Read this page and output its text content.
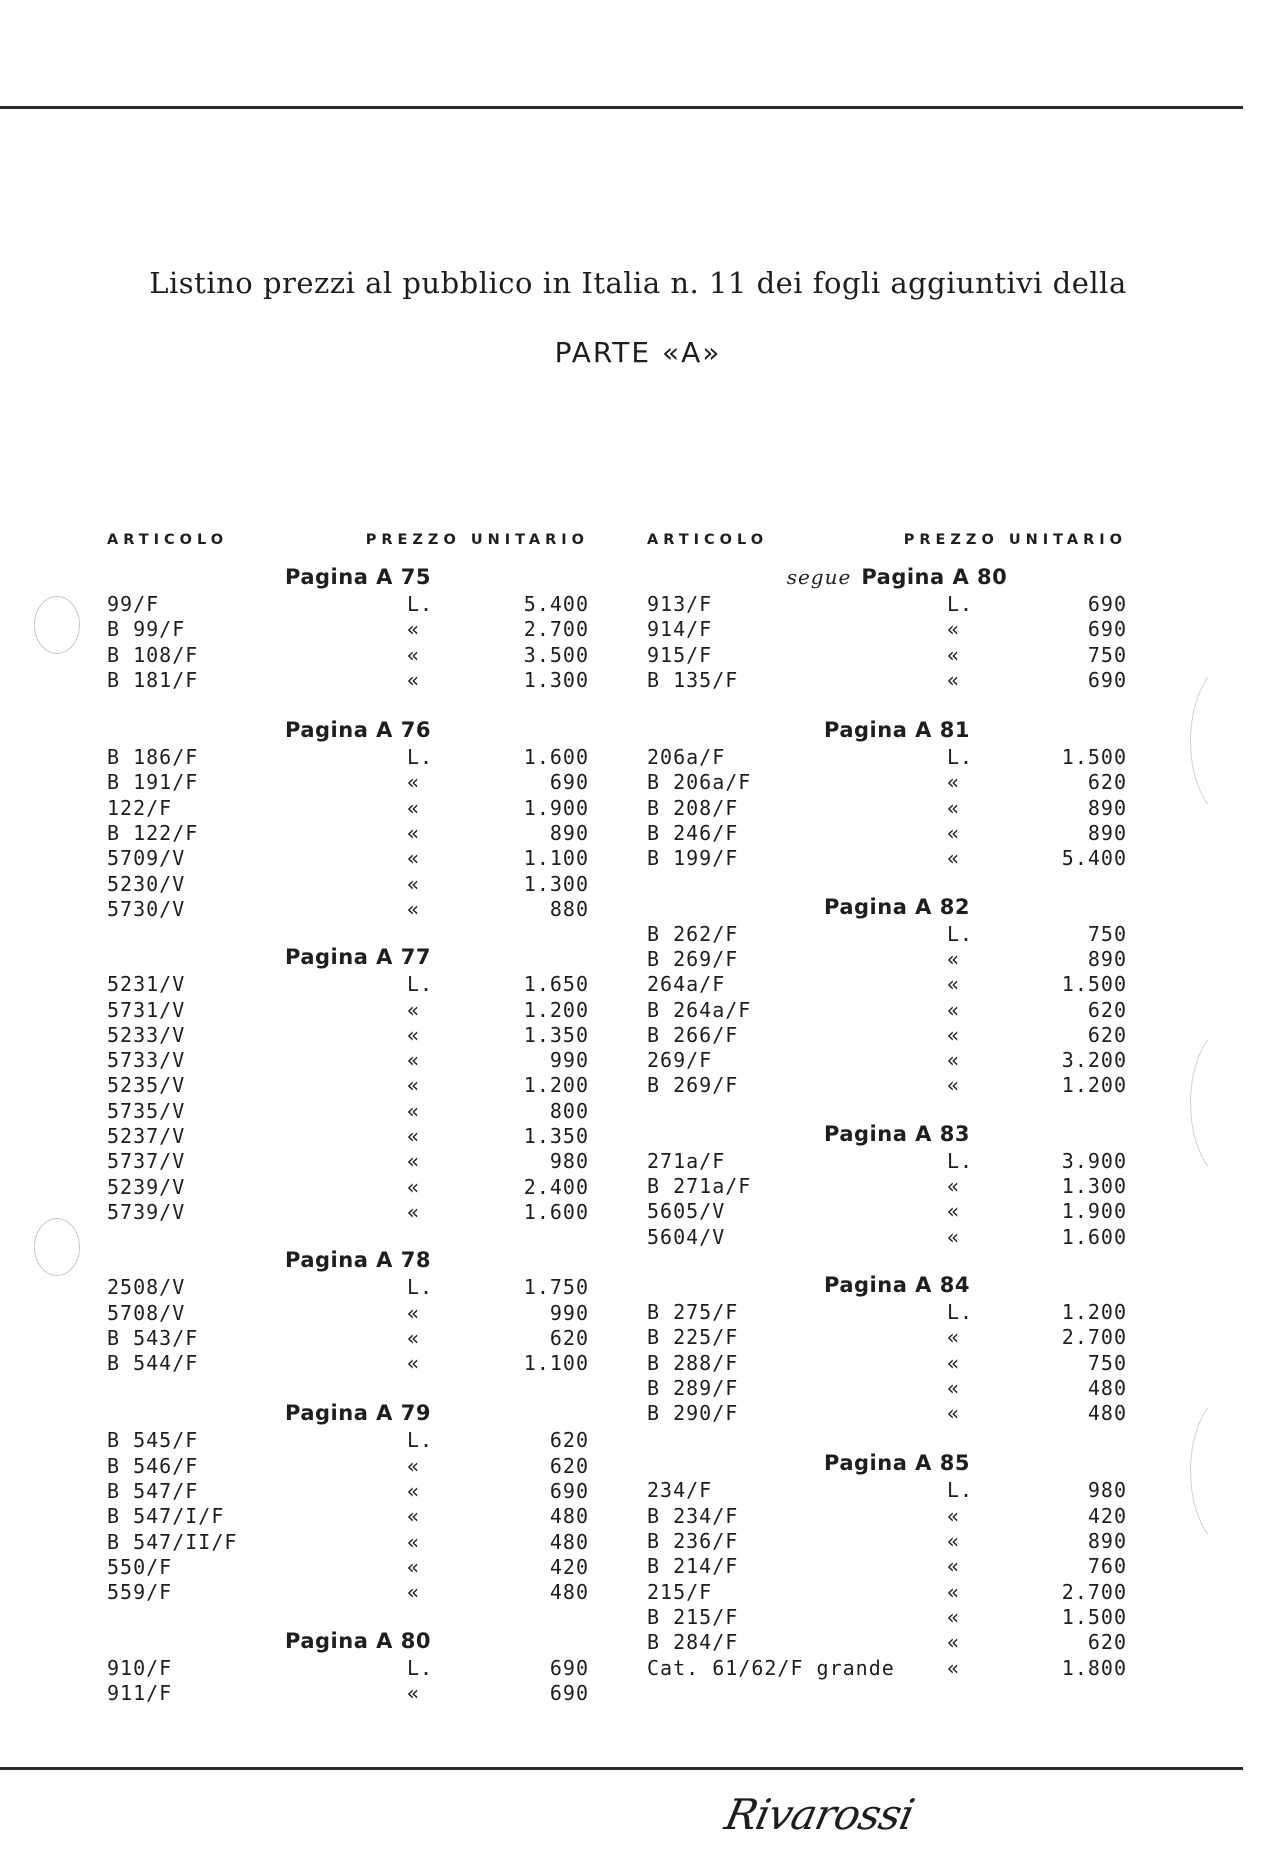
Listino prezzi al pubblico in Italia n. 11 dei fogli aggiuntivi della
PARTE «A»
ARTICOLO	PREZZO UNITARIO
Pagina A 75
99/F	L.	5.400
B 99/F	«	2.700
B 108/F	«	3.500
B 181/F	«	1.300
Pagina A 76
B 186/F	L.	1.600
B 191/F	«	690
122/F	«	1.900
B 122/F	«	890
5709/V	«	1.100
5230/V	«	1.300
5730/V	«	880
Pagina A 77
5231/V	L.	1.650
5731/V	«	1.200
5233/V	«	1.350
5733/V	«	990
5235/V	«	1.200
5735/V	«	800
5237/V	«	1.350
5737/V	«	980
5239/V	«	2.400
5739/V	«	1.600
Pagina A 78
2508/V	L.	1.750
5708/V	«	990
B 543/F	«	620
B 544/F	«	1.100
Pagina A 79
B 545/F	L.	620
B 546/F	«	620
B 547/F	«	690
B 547/I/F	«	480
B 547/II/F	«	480
550/F	«	420
559/F	«	480
Pagina A 80
910/F	L.	690
911/F	«	690
ARTICOLO	PREZZO UNITARIO
segue Pagina A 80
913/F	L.	690
914/F	«	690
915/F	«	750
B 135/F	«	690
Pagina A 81
206a/F	L.	1.500
B 206a/F	«	620
B 208/F	«	890
B 246/F	«	890
B 199/F	«	5.400
Pagina A 82
B 262/F	L.	750
B 269/F	«	890
264a/F	«	1.500
B 264a/F	«	620
B 266/F	«	620
269/F	«	3.200
B 269/F	«	1.200
Pagina A 83
271a/F	L.	3.900
B 271a/F	«	1.300
5605/V	«	1.900
5604/V	«	1.600
Pagina A 84
B 275/F	L.	1.200
B 225/F	«	2.700
B 288/F	«	750
B 289/F	«	480
B 290/F	«	480
Pagina A 85
234/F	L.	980
B 234/F	«	420
B 236/F	«	890
B 214/F	«	760
215/F	«	2.700
B 215/F	«	1.500
B 284/F	«	620
Cat. 61/62/F grande	«	1.800
Rivarossi
